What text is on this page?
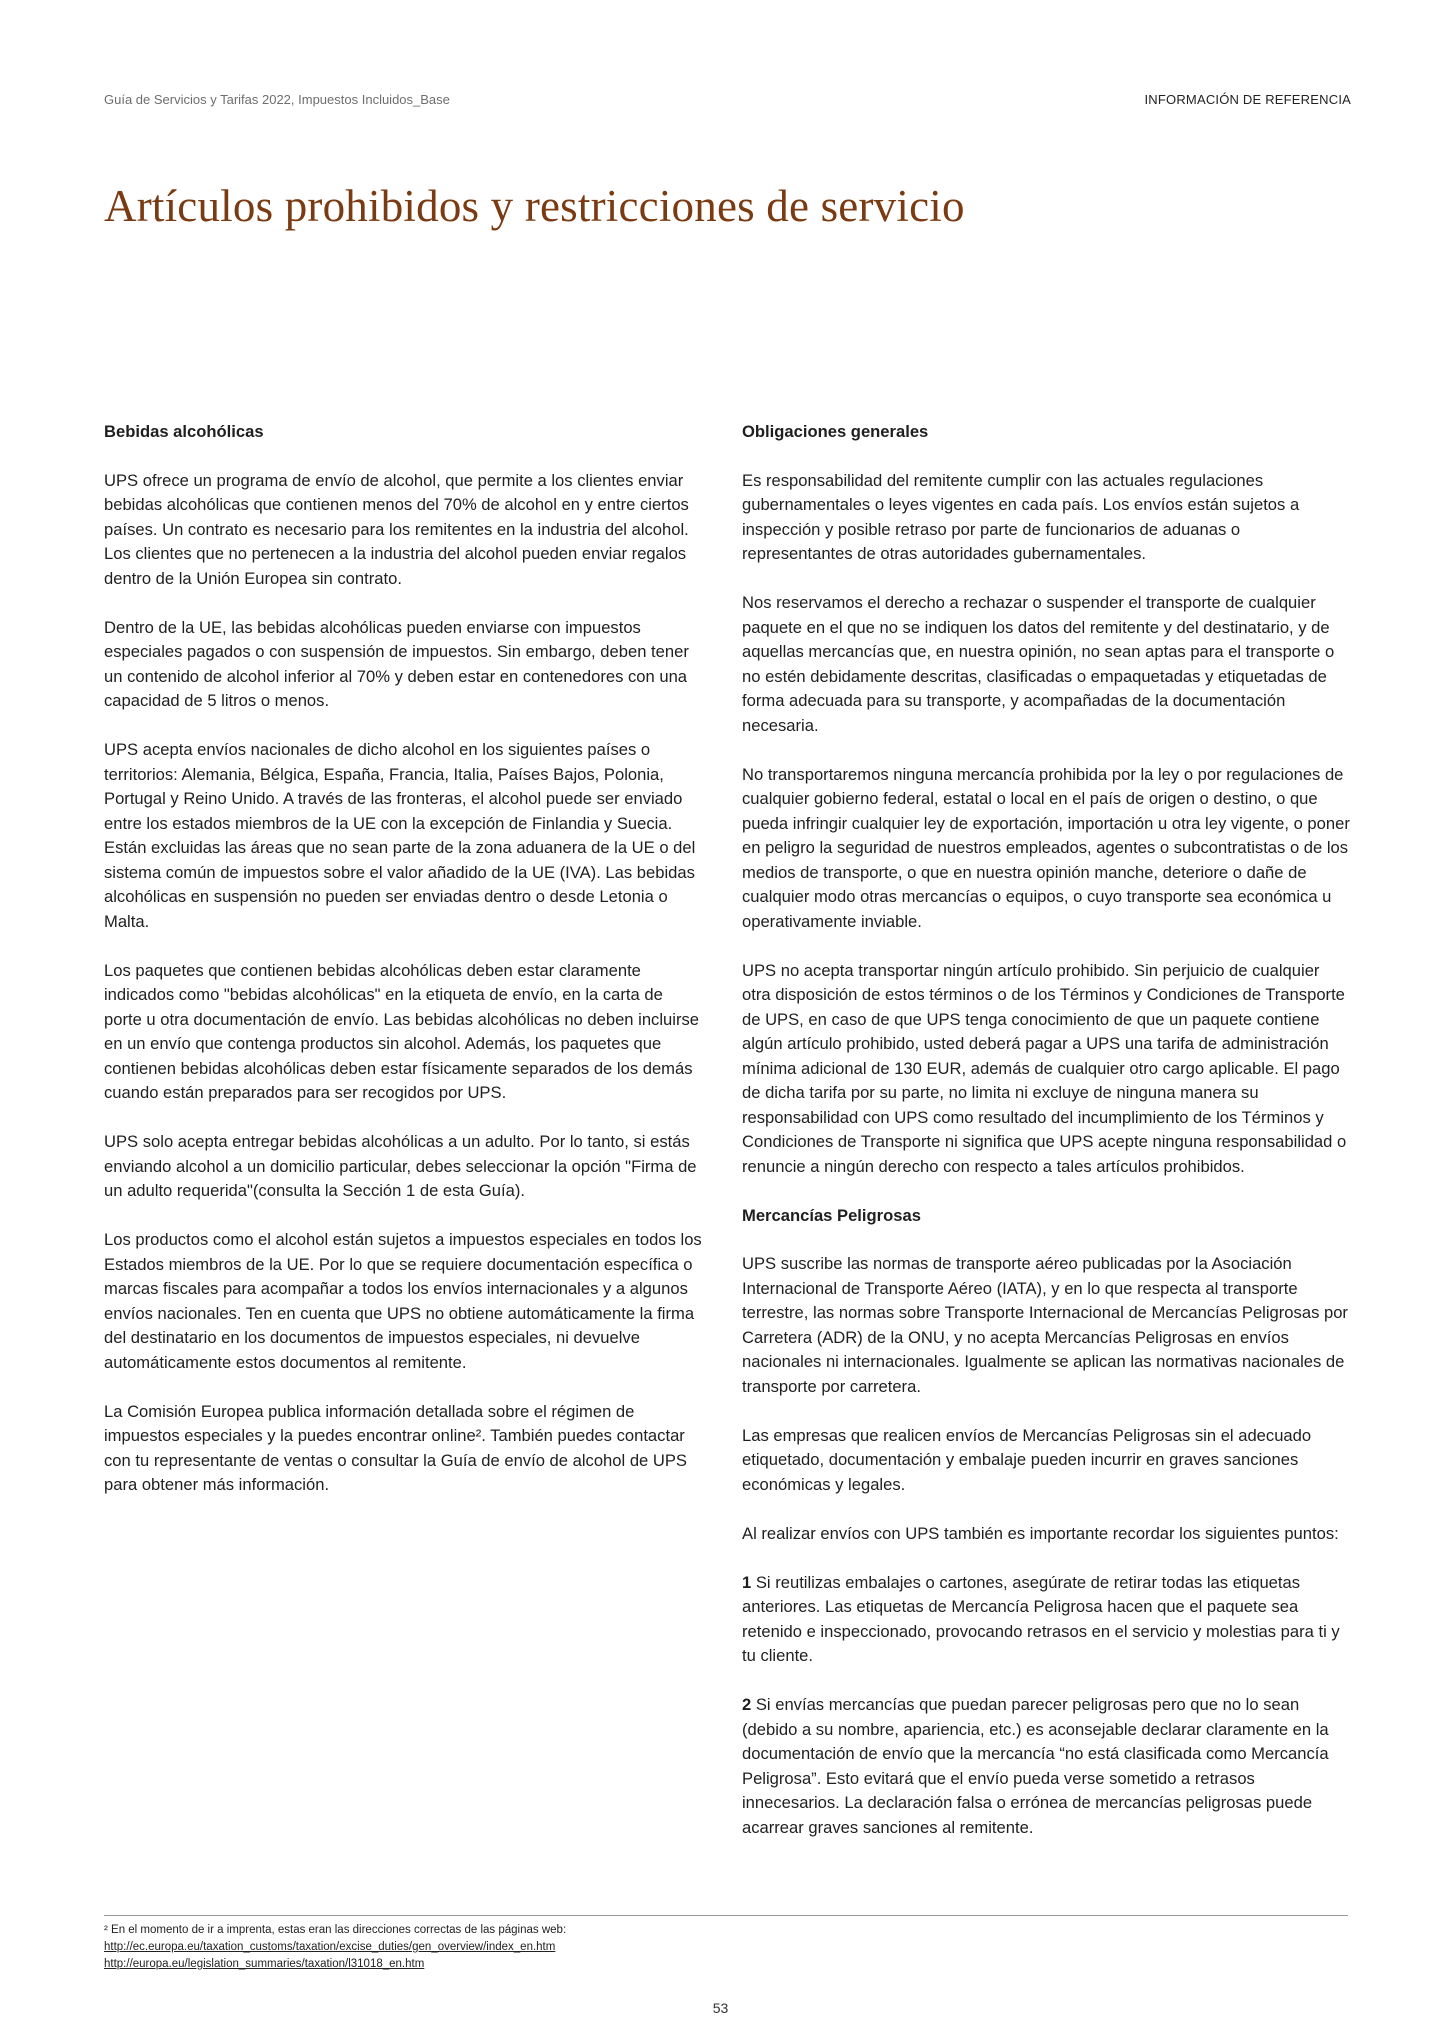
Guía de Servicios y Tarifas 2022, Impuestos Incluidos_Base	INFORMACIÓN DE REFERENCIA
Artículos prohibidos y restricciones de servicio
Bebidas alcohólicas

UPS ofrece un programa de envío de alcohol, que permite a los clientes enviar bebidas alcohólicas que contienen menos del 70% de alcohol en y entre ciertos países. Un contrato es necesario para los remitentes en la industria del alcohol. Los clientes que no pertenecen a la industria del alcohol pueden enviar regalos dentro de la Unión Europea sin contrato.

Dentro de la UE, las bebidas alcohólicas pueden enviarse con impuestos especiales pagados o con suspensión de impuestos. Sin embargo, deben tener un contenido de alcohol inferior al 70% y deben estar en contenedores con una capacidad de 5 litros o menos.

UPS acepta envíos nacionales de dicho alcohol en los siguientes países o territorios: Alemania, Bélgica, España, Francia, Italia, Países Bajos, Polonia, Portugal y Reino Unido. A través de las fronteras, el alcohol puede ser enviado entre los estados miembros de la UE con la excepción de Finlandia y Suecia. Están excluidas las áreas que no sean parte de la zona aduanera de la UE o del sistema común de impuestos sobre el valor añadido de la UE (IVA). Las bebidas alcohólicas en suspensión no pueden ser enviadas dentro o desde Letonia o Malta.

Los paquetes que contienen bebidas alcohólicas deben estar claramente indicados como "bebidas alcohólicas" en la etiqueta de envío, en la carta de porte u otra documentación de envío. Las bebidas alcohólicas no deben incluirse en un envío que contenga productos sin alcohol. Además, los paquetes que contienen bebidas alcohólicas deben estar físicamente separados de los demás cuando están preparados para ser recogidos por UPS.

UPS solo acepta entregar bebidas alcohólicas a un adulto. Por lo tanto, si estás enviando alcohol a un domicilio particular, debes seleccionar la opción "Firma de un adulto requerida"(consulta la Sección 1 de esta Guía).

Los productos como el alcohol están sujetos a impuestos especiales en todos los Estados miembros de la UE. Por lo que se requiere documentación específica o marcas fiscales para acompañar a todos los envíos internacionales y a algunos envíos nacionales. Ten en cuenta que UPS no obtiene automáticamente la firma del destinatario en los documentos de impuestos especiales, ni devuelve automáticamente estos documentos al remitente.

La Comisión Europea publica información detallada sobre el régimen de impuestos especiales y la puedes encontrar online². También puedes contactar con tu representante de ventas o consultar la Guía de envío de alcohol de UPS para obtener más información.

Obligaciones generales

Es responsabilidad del remitente cumplir con las actuales regulaciones gubernamentales o leyes vigentes en cada país. Los envíos están sujetos a inspección y posible retraso por parte de funcionarios de aduanas o representantes de otras autoridades gubernamentales.

Nos reservamos el derecho a rechazar o suspender el transporte de cualquier paquete en el que no se indiquen los datos del remitente y del destinatario, y de aquellas mercancías que, en nuestra opinión, no sean aptas para el transporte o no estén debidamente descritas, clasificadas o empaquetadas y etiquetadas de forma adecuada para su transporte, y acompañadas de la documentación necesaria.

No transportaremos ninguna mercancía prohibida por la ley o por regulaciones de cualquier gobierno federal, estatal o local en el país de origen o destino, o que pueda infringir cualquier ley de exportación, importación u otra ley vigente, o poner en peligro la seguridad de nuestros empleados, agentes o subcontratistas o de los medios de transporte, o que en nuestra opinión manche, deteriore o dañe de cualquier modo otras mercancías o equipos, o cuyo transporte sea económica u operativamente inviable.

UPS no acepta transportar ningún artículo prohibido. Sin perjuicio de cualquier otra disposición de estos términos o de los Términos y Condiciones de Transporte de UPS, en caso de que UPS tenga conocimiento de que un paquete contiene algún artículo prohibido, usted deberá pagar a UPS una tarifa de administración mínima adicional de 130 EUR, además de cualquier otro cargo aplicable. El pago de dicha tarifa por su parte, no limita ni excluye de ninguna manera su responsabilidad con UPS como resultado del incumplimiento de los Términos y Condiciones de Transporte ni significa que UPS acepte ninguna responsabilidad o renuncie a ningún derecho con respecto a tales artículos prohibidos.

Mercancías Peligrosas

UPS suscribe las normas de transporte aéreo publicadas por la Asociación Internacional de Transporte Aéreo (IATA), y en lo que respecta al transporte terrestre, las normas sobre Transporte Internacional de Mercancías Peligrosas por Carretera (ADR) de la ONU, y no acepta Mercancías Peligrosas en envíos nacionales ni internacionales. Igualmente se aplican las normativas nacionales de transporte por carretera.

Las empresas que realicen envíos de Mercancías Peligrosas sin el adecuado etiquetado, documentación y embalaje pueden incurrir en graves sanciones económicas y legales.

Al realizar envíos con UPS también es importante recordar los siguientes puntos:

1 Si reutilizas embalajes o cartones, asegúrate de retirar todas las etiquetas anteriores. Las etiquetas de Mercancía Peligrosa hacen que el paquete sea retenido e inspeccionado, provocando retrasos en el servicio y molestias para ti y tu cliente.

2 Si envías mercancías que puedan parecer peligrosas pero que no lo sean (debido a su nombre, apariencia, etc.) es aconsejable declarar claramente en la documentación de envío que la mercancía “no está clasificada como Mercancía Peligrosa”. Esto evitará que el envío pueda verse sometido a retrasos innecesarios. La declaración falsa o errónea de mercancías peligrosas puede acarrear graves sanciones al remitente.

² En el momento de ir a imprenta, estas eran las direcciones correctas de las páginas web:
http://ec.europa.eu/taxation_customs/taxation/excise_duties/gen_overview/index_en.htm
http://europa.eu/legislation_summaries/taxation/l31018_en.htm
53
